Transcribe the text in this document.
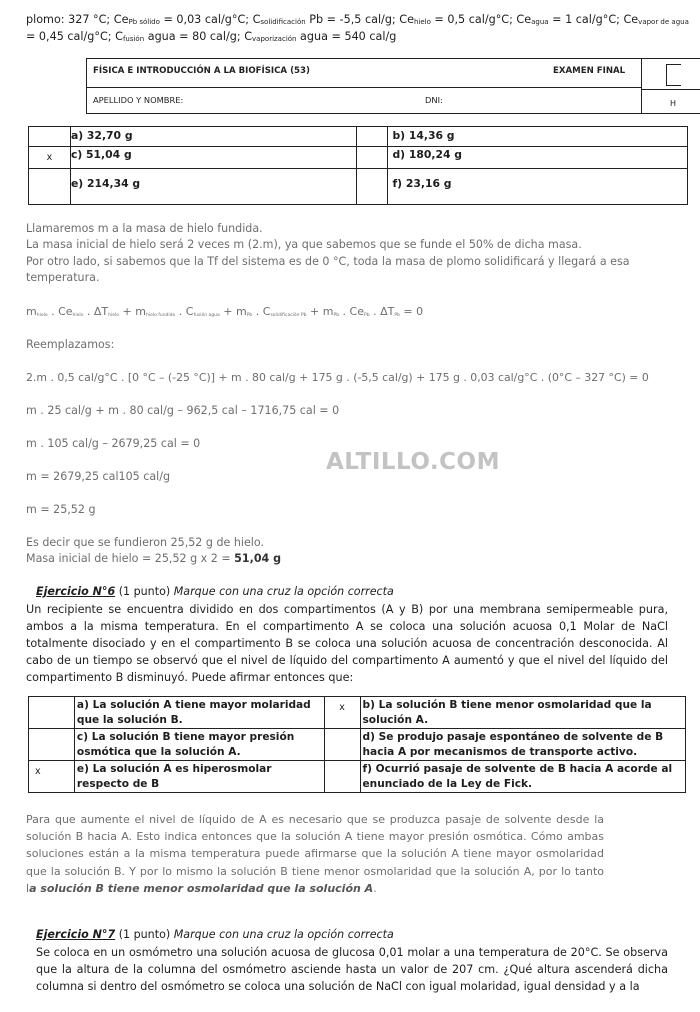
plomo: 327 °C; CePb sólido = 0,03 cal/g°C; Csolidificación Pb = -5,5 cal/g; Cehielo = 0,5 cal/g°C; Ceagua = 1 cal/g°C; Cevapor de agua
= 0,45 cal/g°C; Cfusión agua = 80 cal/g; Cvaporización agua = 540 cal/g
FÍSICA E INTRODUCCIÓN A LA BIOFÍSICA (53)	EXAMEN FINAL
APELLIDO Y NOMBRE:	DNI:	H
	a) 32,70 g		b) 14,36 g
x	c) 51,04 g		d) 180,24 g
	e) 214,34 g		f) 23,16 g
Llamaremos m a la masa de hielo fundida.
La masa inicial de hielo será 2 veces m (2.m), ya que sabemos que se funde el 50% de dicha masa.
Por otro lado, si sabemos que la Tf del sistema es de 0 °C, toda la masa de plomo solidificará y llegará a esa temperatura.
$m_{hielo}$ . $Ce_{hielo}$ . $\Delta T_{hielo} + m_{hielo fundido}$ . $C_{fusión agua} + m_{Pb}$ . $C_{solidificación Pb} + m_{Pb}$ . $Ce_{Pb}$ . $\Delta T_{Pb} = 0$
Reemplazamos:
2.m . 0,5 cal/g°C . [0 °C – (-25 °C)] + m . 80 cal/g + 175 g . (-5,5 cal/g) + 175 g . 0,03 cal/g°C . (0°C – 327 °C) = 0
m . 25 cal/g + m . 80 cal/g – 962,5 cal – 1716,75 cal = 0
m . 105 cal/g – 2679,25 cal = 0
m = 2679,25 cal105 cal/g
m = 25,52 g
Es decir que se fundieron 25,52 g de hielo.
Masa inicial de hielo = 25,52 g x 2 = 51,04 g
ALTILLO.COM
Ejercicio N°6 (1 punto) Marque con una cruz la opción correcta
Un recipiente se encuentra dividido en dos compartimentos (A y B) por una membrana semipermeable pura, ambos a la misma temperatura. En el compartimento A se coloca una solución acuosa 0,1 Molar de NaCl totalmente disociado y en el compartimento B se coloca una solución acuosa de concentración desconocida. Al cabo de un tiempo se observó que el nivel de líquido del compartimento A aumentó y que el nivel del líquido del compartimento B disminuyó. Puede afirmar entonces que:
	a) La solución A tiene mayor molaridad que la solución B.	x	b) La solución B tiene menor osmolaridad que la solución A.
	c) La solución B tiene mayor presión osmótica que la solución A.		d) Se produjo pasaje espontáneo de solvente de B hacia A por mecanismos de transporte activo.
x	e) La solución A es hiperosmolar respecto de B		f) Ocurrió pasaje de solvente de B hacia A acorde al enunciado de la Ley de Fick.
Para que aumente el nivel de líquido de A es necesario que se produzca pasaje de solvente desde la solución B hacia A. Esto indica entonces que la solución A tiene mayor presión osmótica. Cómo ambas soluciones están a la misma temperatura puede afirmarse que la solución A tiene mayor osmolaridad que la solución B. Y por lo mismo la solución B tiene menor osmolaridad que la solución A, por lo tanto la solución B tiene menor osmolaridad que la solución A.
Ejercicio N°7 (1 punto) Marque con una cruz la opción correcta
Se coloca en un osmómetro una solución acuosa de glucosa 0,01 molar a una temperatura de 20°C. Se observa que la altura de la columna del osmómetro asciende hasta un valor de 207 cm. ¿Qué altura ascenderá dicha columna si dentro del osmómetro se coloca una solución de NaCl con igual molaridad, igual densidad y a la
